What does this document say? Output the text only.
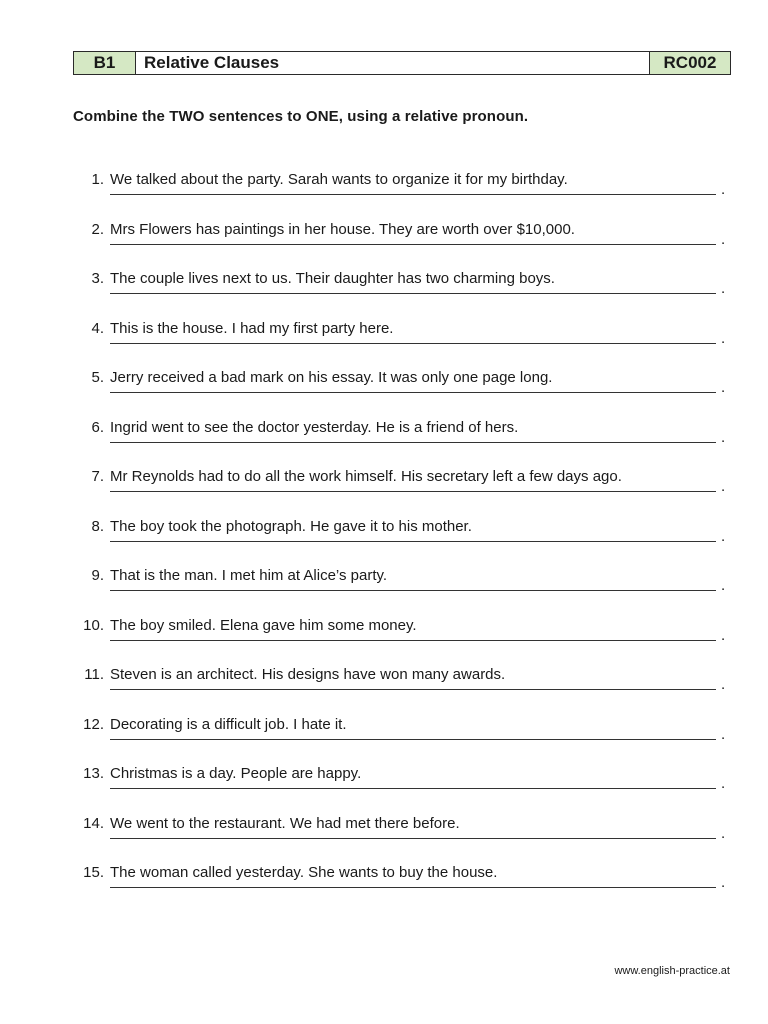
B1	Relative Clauses	RC002
Combine the TWO sentences to ONE, using a relative pronoun.
1. We talked about the party. Sarah wants to organize it for my birthday.
.
2. Mrs Flowers has paintings in her house. They are worth over $10,000.
.
3. The couple lives next to us. Their daughter has two charming boys.
.
4. This is the house. I had my first party here.
.
5. Jerry received a bad mark on his essay. It was only one page long.
.
6. Ingrid went to see the doctor yesterday. He is a friend of hers.
.
7. Mr Reynolds had to do all the work himself. His secretary left a few days ago.
.
8. The boy took the photograph. He gave it to his mother.
.
9. That is the man. I met him at Alice’s party.
.
10. The boy smiled. Elena gave him some money.
.
11. Steven is an architect. His designs have won many awards.
.
12. Decorating is a difficult job. I hate it.
.
13. Christmas is a day. People are happy.
.
14. We went to the restaurant. We had met there before.
.
15. The woman called yesterday. She wants to buy the house.
.
www.english-practice.at
